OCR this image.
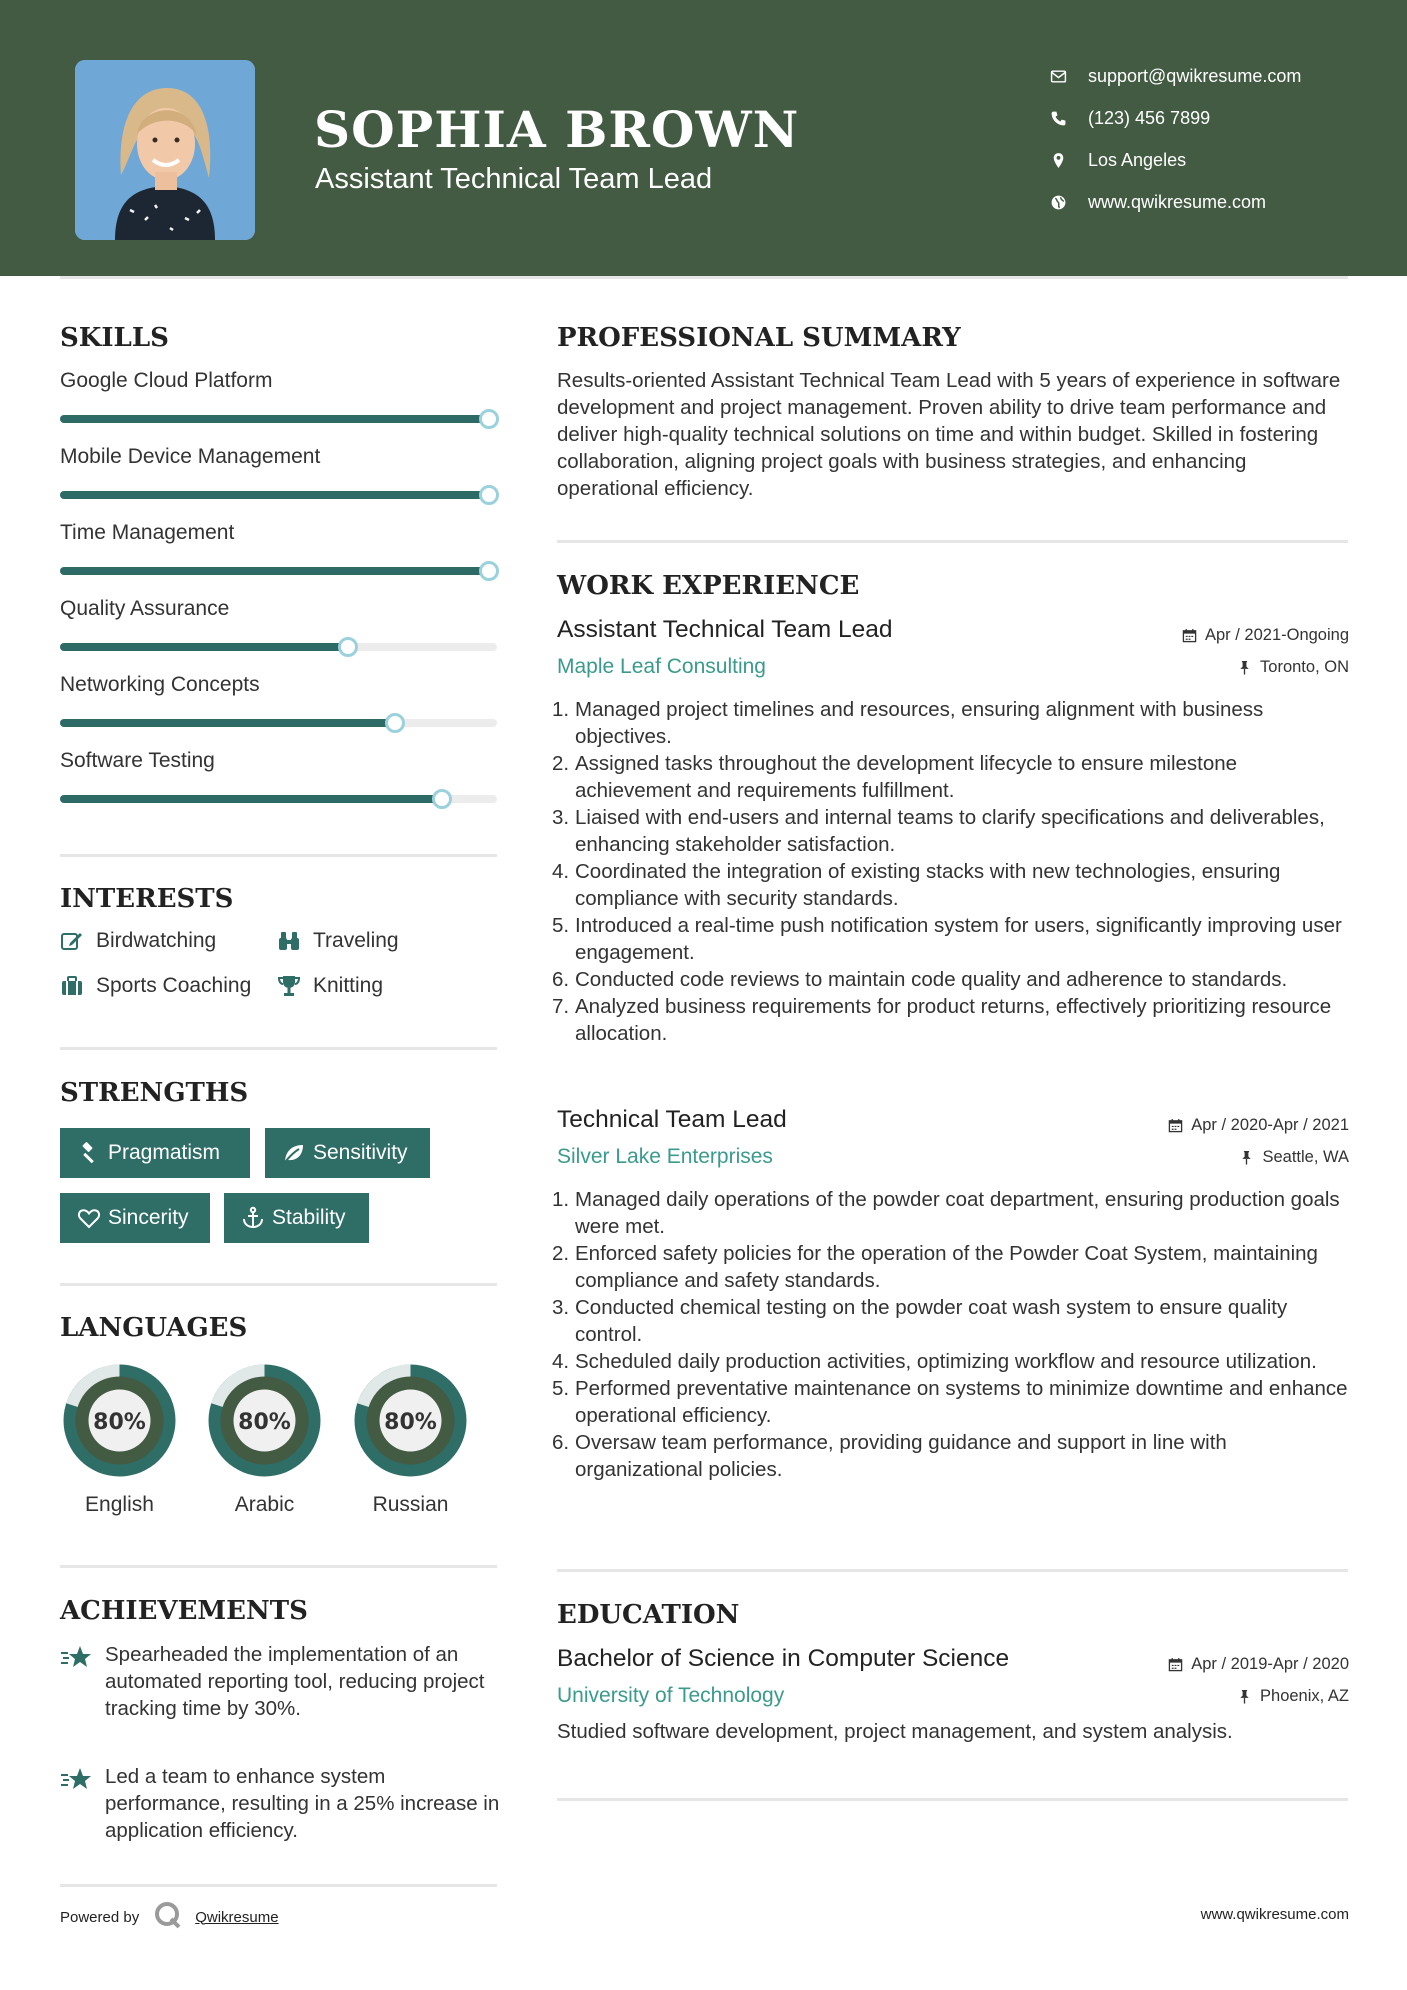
SOPHIA BROWN
Assistant Technical Team Lead
support@qwikresume.com
(123) 456 7899
Los Angeles
www.qwikresume.com
SKILLS
Google Cloud Platform
Mobile Device Management
Time Management
Quality Assurance
Networking Concepts
Software Testing
INTERESTS
Birdwatching	Traveling
Sports Coaching	Knitting
STRENGTHS
Pragmatism	Sensitivity
Sincerity	Stability
LANGUAGES
80%
English
80%
Arabic
80%
Russian
ACHIEVEMENTS
Spearheaded the implementation of an automated reporting tool, reducing project tracking time by 30%.
Led a team to enhance system performance, resulting in a 25% increase in application efficiency.
PROFESSIONAL SUMMARY
Results-oriented Assistant Technical Team Lead with 5 years of experience in software development and project management. Proven ability to drive team performance and deliver high-quality technical solutions on time and within budget. Skilled in fostering collaboration, aligning project goals with business strategies, and enhancing operational efficiency.
WORK EXPERIENCE
Assistant Technical Team Lead	Apr / 2021-Ongoing
Maple Leaf Consulting	Toronto, ON
1. Managed project timelines and resources, ensuring alignment with business objectives.
2. Assigned tasks throughout the development lifecycle to ensure milestone achievement and requirements fulfillment.
3. Liaised with end-users and internal teams to clarify specifications and deliverables, enhancing stakeholder satisfaction.
4. Coordinated the integration of existing stacks with new technologies, ensuring compliance with security standards.
5. Introduced a real-time push notification system for users, significantly improving user engagement.
6. Conducted code reviews to maintain code quality and adherence to standards.
7. Analyzed business requirements for product returns, effectively prioritizing resource allocation.
Technical Team Lead	Apr / 2020-Apr / 2021
Silver Lake Enterprises	Seattle, WA
1. Managed daily operations of the powder coat department, ensuring production goals were met.
2. Enforced safety policies for the operation of the Powder Coat System, maintaining compliance and safety standards.
3. Conducted chemical testing on the powder coat wash system to ensure quality control.
4. Scheduled daily production activities, optimizing workflow and resource utilization.
5. Performed preventative maintenance on systems to minimize downtime and enhance operational efficiency.
6. Oversaw team performance, providing guidance and support in line with organizational policies.
EDUCATION
Bachelor of Science in Computer Science	Apr / 2019-Apr / 2020
University of Technology	Phoenix, AZ
Studied software development, project management, and system analysis.
Powered by	Qwikresume	www.qwikresume.com
